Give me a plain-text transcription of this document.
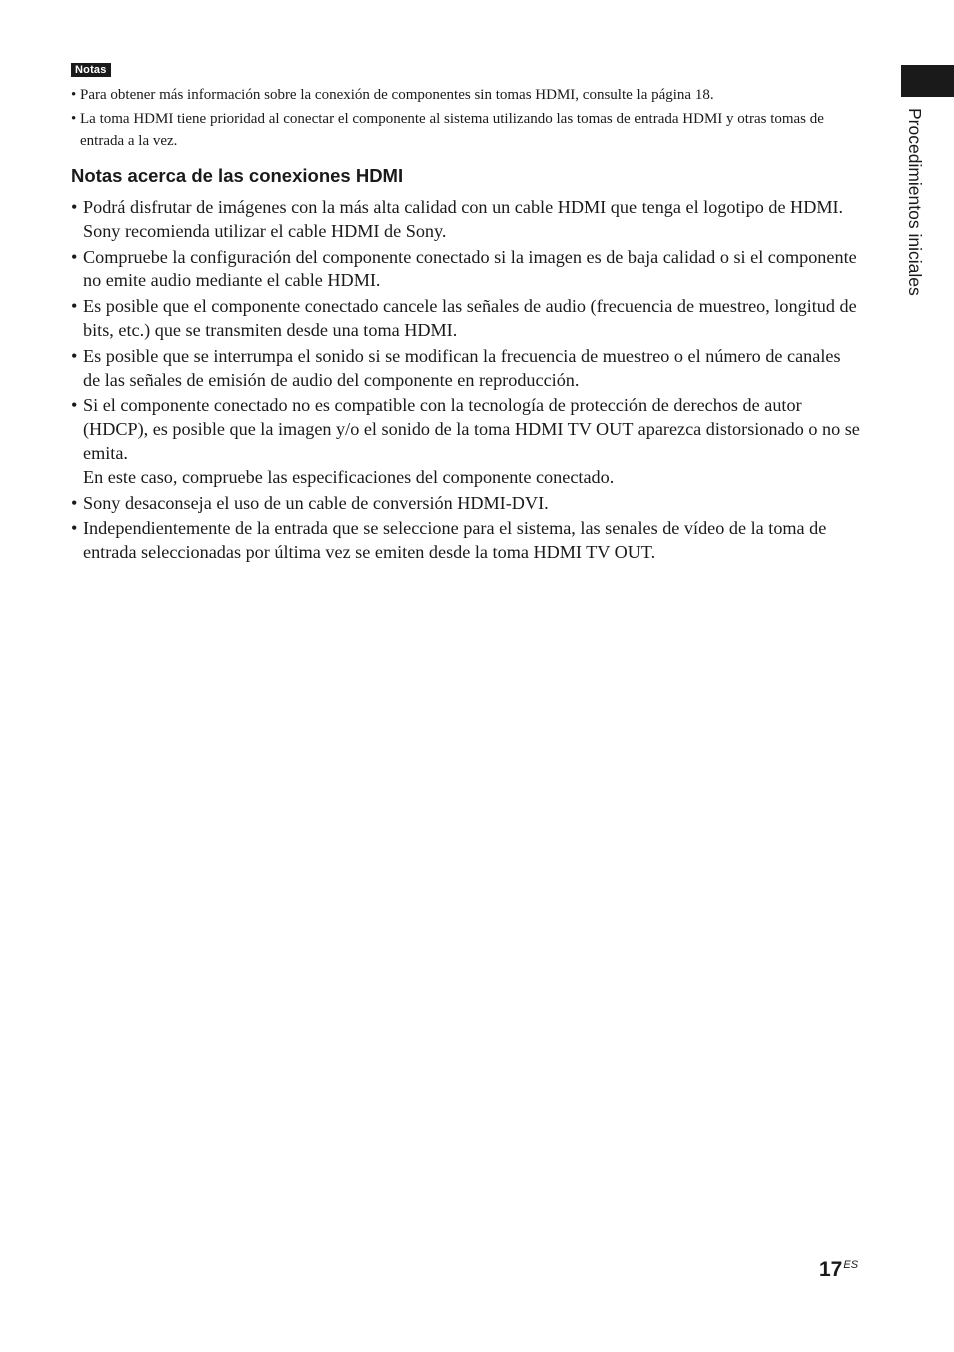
Procedimientos iniciales
Notas
• Para obtener más información sobre la conexión de componentes sin tomas HDMI, consulte la página 18.
• La toma HDMI tiene prioridad al conectar el componente al sistema utilizando las tomas de entrada HDMI y otras tomas de entrada a la vez.
Notas acerca de las conexiones HDMI
• Podrá disfrutar de imágenes con la más alta calidad con un cable HDMI que tenga el logotipo de HDMI. Sony recomienda utilizar el cable HDMI de Sony.
• Compruebe la configuración del componente conectado si la imagen es de baja calidad o si el componente no emite audio mediante el cable HDMI.
• Es posible que el componente conectado cancele las señales de audio (frecuencia de muestreo, longitud de bits, etc.) que se transmiten desde una toma HDMI.
• Es posible que se interrumpa el sonido si se modifican la frecuencia de muestreo o el número de canales de las señales de emisión de audio del componente en reproducción.
• Si el componente conectado no es compatible con la tecnología de protección de derechos de autor (HDCP), es posible que la imagen y/o el sonido de la toma HDMI TV OUT aparezca distorsionado o no se emita.
En este caso, compruebe las especificaciones del componente conectado.
• Sony desaconseja el uso de un cable de conversión HDMI-DVI.
• Independientemente de la entrada que se seleccione para el sistema, las senales de vídeo de la toma de entrada seleccionadas por última vez se emiten desde la toma HDMI TV OUT.
$17^{ES}$
